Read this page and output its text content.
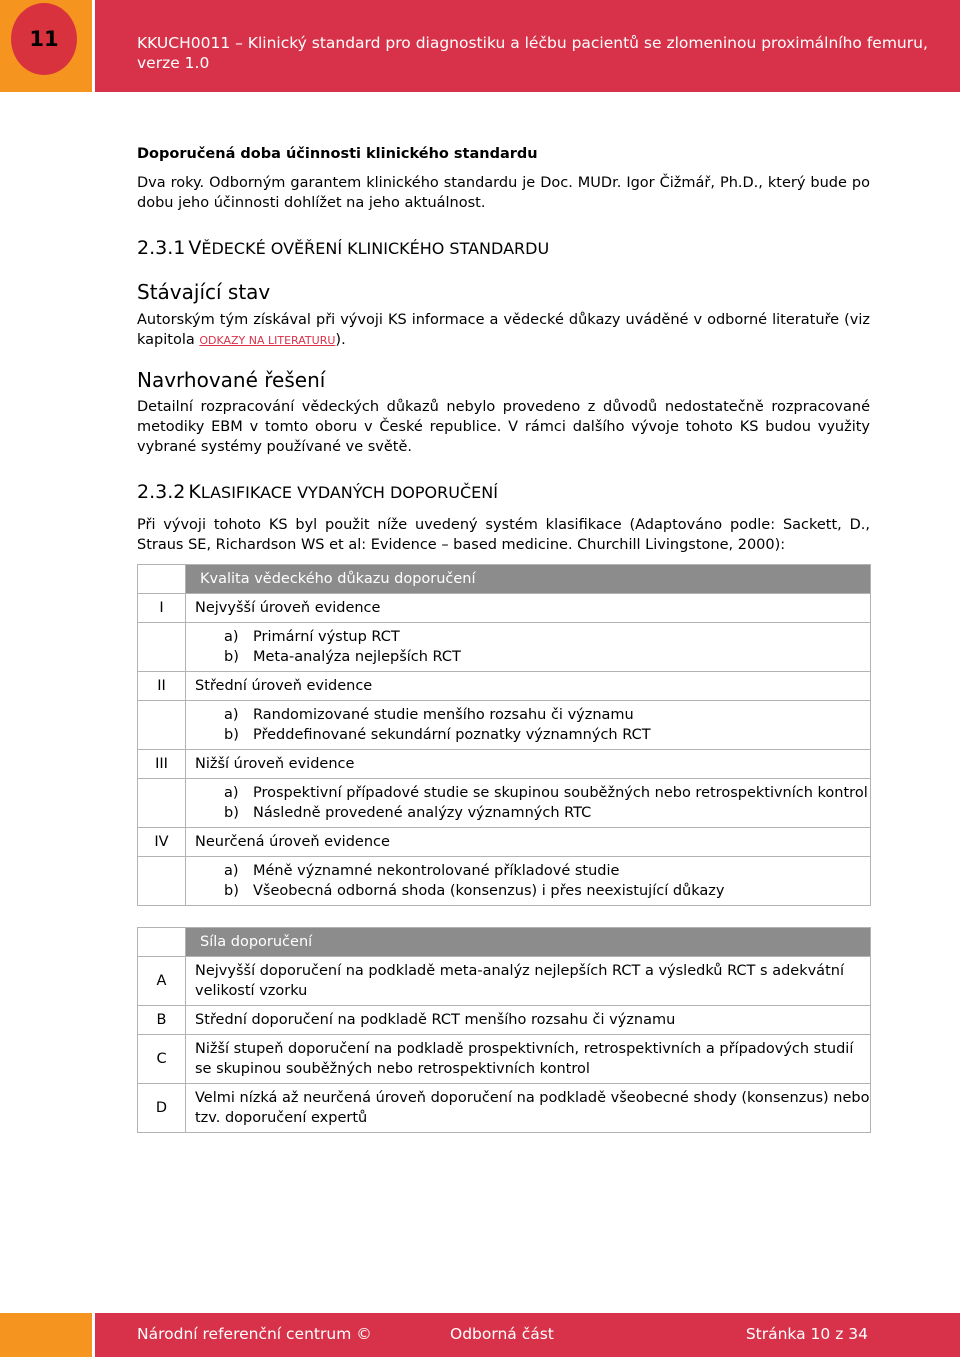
11	KKUCH0011 – Klinický standard pro diagnostiku a léčbu pacientů se zlomeninou proximálního femuru, verze 1.0
Doporučená doba účinnosti klinického standardu
Dva roky. Odborným garantem klinického standardu je Doc. MUDr. Igor Čižmář, Ph.D., který bude po dobu jeho účinnosti dohlížet na jeho aktuálnost.
2.3.1 VĚDECKÉ OVĚŘENÍ KLINICKÉHO STANDARDU
Stávající stav
Autorským tým získával při vývoji KS informace a vědecké důkazy uváděné v odborné literatuře (viz kapitola ODKAZY NA LITERATURU).
Navrhované řešení
Detailní rozpracování vědeckých důkazů nebylo provedeno z důvodů nedostatečně rozpracované metodiky EBM v tomto oboru v České republice. V rámci dalšího vývoje tohoto KS budou využity vybrané systémy používané ve světě.
2.3.2 KLASIFIKACE VYDANÝCH DOPORUČENÍ
Při vývoji tohoto KS byl použit níže uvedený systém klasifikace (Adaptováno podle: Sackett, D., Straus SE, Richardson WS et al: Evidence – based medicine. Churchill Livingstone, 2000):
	Kvalita vědeckého důkazu doporučení
I	Nejvyšší úroveň evidence

	a) Primární výstup RCT
b) Meta-analýza nejlepších RCT

II	Střední úroveň evidence

	a) Randomizované studie menšího rozsahu či významu
b) Předdefinované sekundární poznatky významných RCT

III	Nižší úroveň evidence

	a) Prospektivní případové studie se skupinou souběžných nebo retrospektivních kontrol
b) Následně provedené analýzy významných RTC

IV	Neurčená úroveň evidence

	a) Méně významné nekontrolované příkladové studie
b) Všeobecná odborná shoda (konsenzus) i přes neexistující důkazy
	Síla doporučení
A	Nejvyšší doporučení na podkladě meta-analýz nejlepších RCT a výsledků RCT s adekvátní velikostí vzorku
B	Střední doporučení na podkladě RCT menšího rozsahu či významu
C	Nižší stupeň doporučení na podkladě prospektivních, retrospektivních a případových studií se skupinou souběžných nebo retrospektivních kontrol
D	Velmi nízká až neurčená úroveň doporučení na podkladě všeobecné shody (konsenzus) nebo tzv. doporučení expertů
Národní referenční centrum ©	Odborná část	Stránka 10 z 34
